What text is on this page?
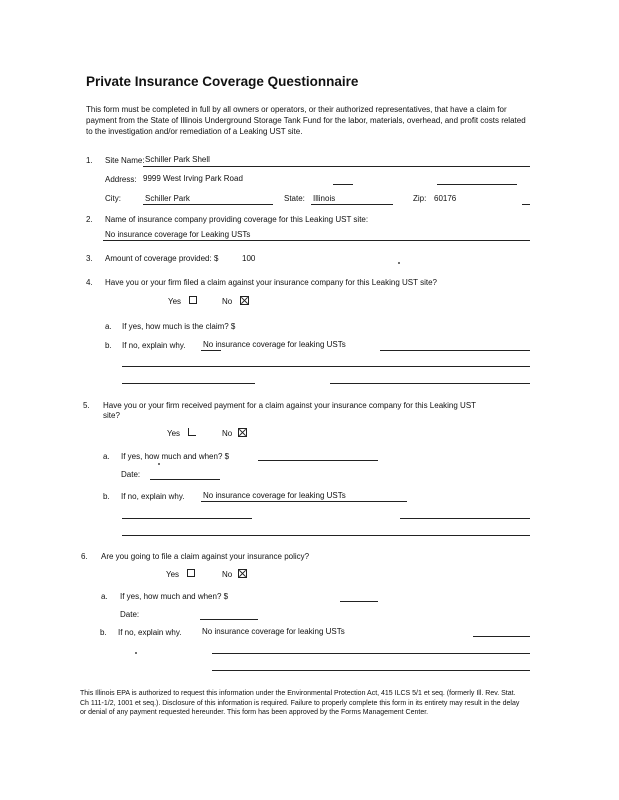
Private Insurance Coverage Questionnaire
This form must be completed in full by all owners or operators, or their authorized representatives, that have a claim for payment from the State of Illinois Underground Storage Tank Fund for the labor, materials, overhead, and profit costs related to the investigation and/or remediation of a Leaking UST site.
1. Site Name: Schiller Park Shell
Address: 9999 West Irving Park Road
City:	Schiller Park	State: Illinois	Zip: 60176
2. Name of insurance company providing coverage for this Leaking UST site:
No insurance coverage for Leaking USTs
3. Amount of coverage provided: $	100
4. Have you or your firm filed a claim against your insurance company for this Leaking UST site?
Yes	No
a. If yes, how much is the claim? $
b. If no, explain why. No insurance coverage for leaking USTs
5. Have you or your firm received payment for a claim against your insurance company for this Leaking UST
site?
Yes	No
a. If yes, how much and when? $
Date:
b. If no, explain why. No insurance coverage for leaking USTs
6. Are you going to file a claim against your insurance policy?
Yes	No
a. If yes, how much and when? $
Date:
b. If no, explain why.	No insurance coverage for leaking USTs
This Illinois EPA is authorized to request this information under the Environmental Protection Act, 415 ILCS 5/1 et seq. (formerly Ill. Rev. Stat. Ch 111-1/2, 1001 et seq.). Disclosure of this information is required. Failure to properly complete this form in its entirety may result in the delay or denial of any payment requested hereunder. This form has been approved by the Forms Management Center.
